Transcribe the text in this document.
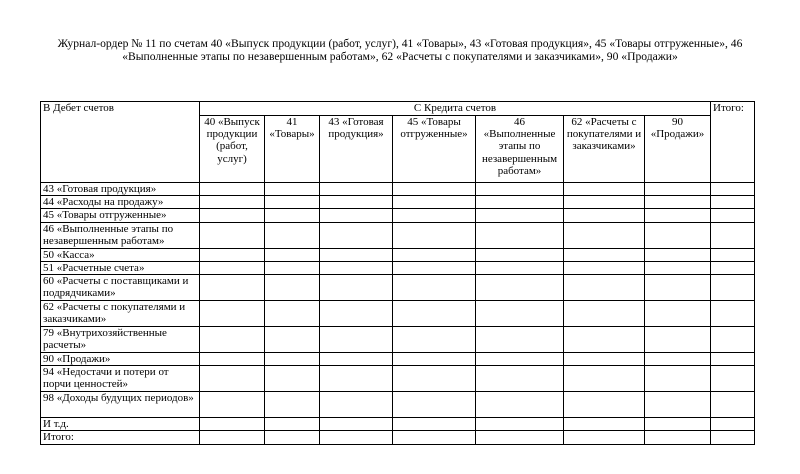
Журнал-ордер № 11 по счетам 40 «Выпуск продукции (работ, услуг), 41 «Товары», 43 «Готовая продукция», 45 «Товары отгруженные», 46 «Выполненные этапы по незавершенным работам», 62 «Расчеты с покупателями и заказчиками», 90 «Продажи»

В Дебет счетов	С Кредита счетов							Итого:
	40 «Выпуск продукции (работ, услуг)	41 «Товары»	43 «Готовая продукция»	45 «Товары отгруженные»	46 «Выполненные этапы по незавершенным работам»	62 «Расчеты с покупателями и заказчиками»	90 «Продажи»	
43 «Готовая продукция»								
44 «Расходы на продажу»								
45 «Товары отгруженные»								
46 «Выполненные этапы по незавершенным работам»								
50 «Касса»								
51 «Расчетные счета»								
60 «Расчеты с поставщиками и подрядчиками»								
62 «Расчеты с покупателями и заказчиками»								
79 «Внутрихозяйственные расчеты»								
90 «Продажи»								
94 «Недостачи и потери от порчи ценностей»								
98 «Доходы будущих периодов»								
И т.д.								
Итого:								
